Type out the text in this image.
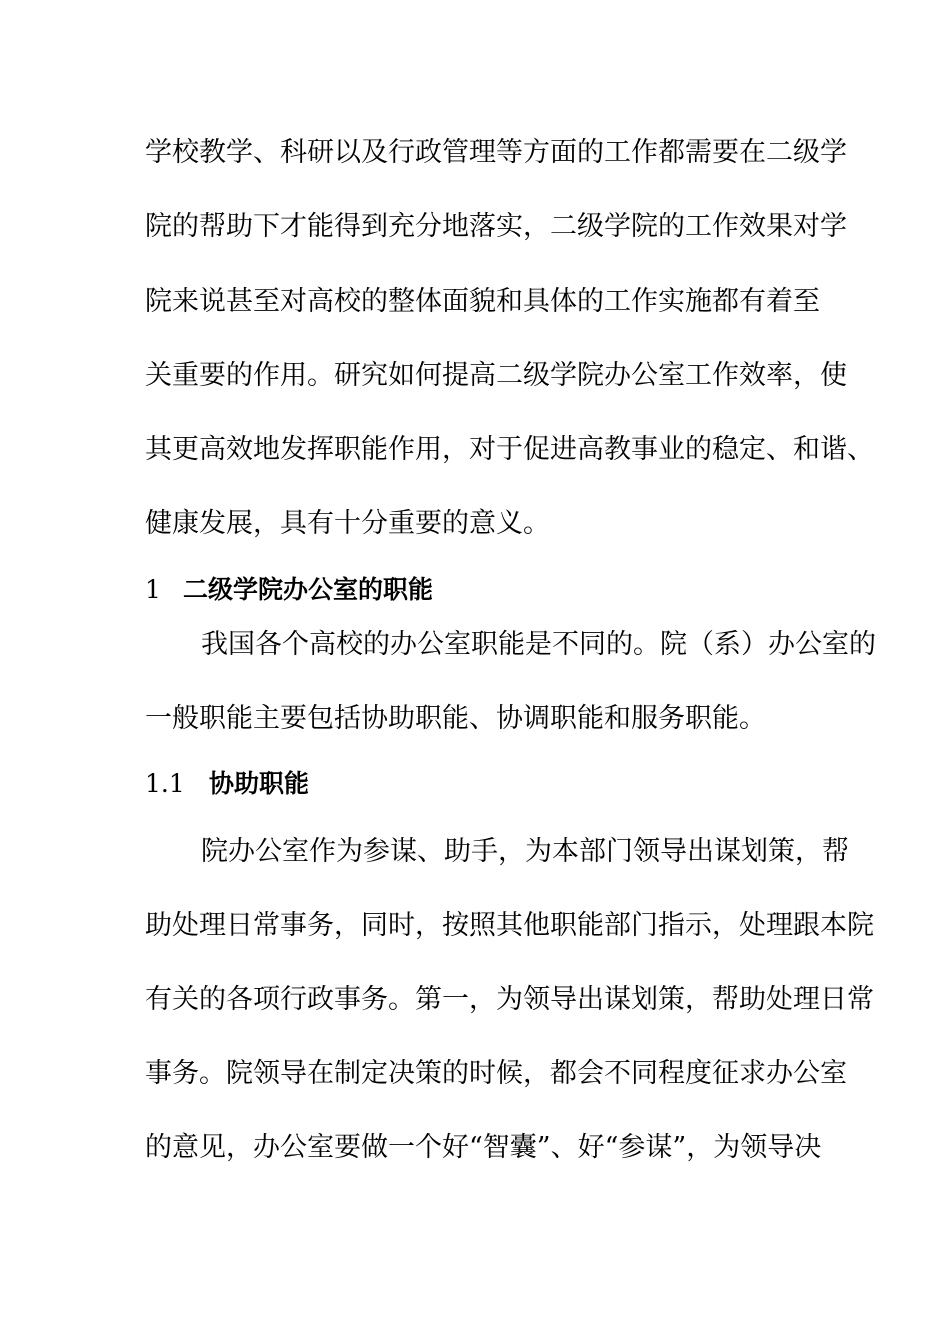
学校教学、科研以及行政管理等方面的工作都需要在二级学
院的帮助下才能得到充分地落实，二级学院的工作效果对学
院来说甚至对高校的整体面貌和具体的工作实施都有着至
关重要的作用。研究如何提高二级学院办公室工作效率，使
其更高效地发挥职能作用，对于促进高教事业的稳定、和谐、
健康发展，具有十分重要的意义。
1 二级学院办公室的职能
我国各个高校的办公室职能是不同的。院（系）办公室的
一般职能主要包括协助职能、协调职能和服务职能。
1.1 协助职能
院办公室作为参谋、助手，为本部门领导出谋划策，帮
助处理日常事务，同时，按照其他职能部门指示，处理跟本院
有关的各项行政事务。第一，为领导出谋划策，帮助处理日常
事务。院领导在制定决策的时候，都会不同程度征求办公室
的意见，办公室要做一个好“智囊”、好“参谋”，为领导决
